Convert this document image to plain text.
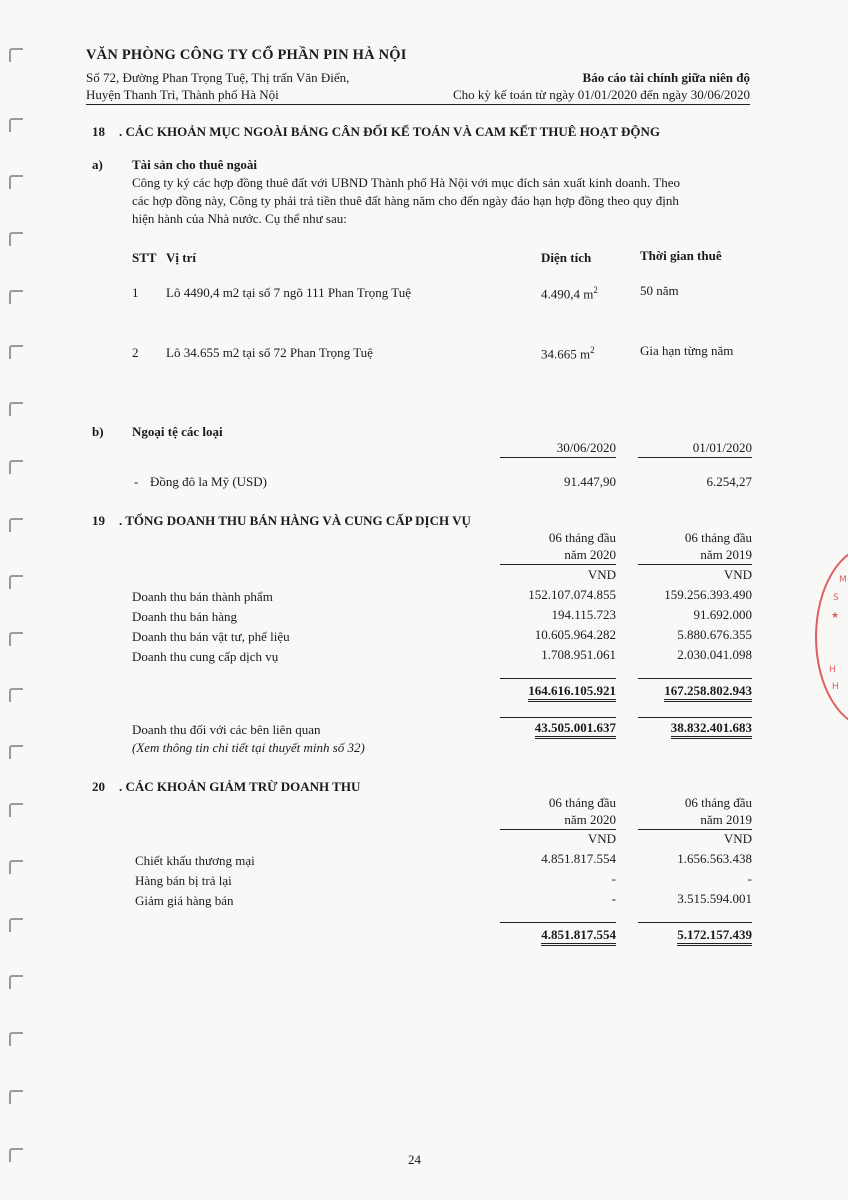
M
S
★
H
H
VĂN PHÒNG CÔNG TY CỔ PHẦN PIN HÀ NỘI
Số 72, Đường Phan Trọng Tuệ, Thị trấn Văn Điển,
Huyện Thanh Trì, Thành phố Hà Nội
Báo cáo tài chính giữa niên độ
Cho kỳ kế toán từ ngày 01/01/2020 đến ngày 30/06/2020
18 . CÁC KHOẢN MỤC NGOÀI BẢNG CÂN ĐỐI KẾ TOÁN VÀ CAM KẾT THUÊ HOẠT ĐỘNG
a) Tài sản cho thuê ngoài
Công ty ký các hợp đồng thuê đất với UBND Thành phố Hà Nội với mục đích sản xuất kinh doanh. Theo
các hợp đồng này, Công ty phải trả tiền thuê đất hàng năm cho đến ngày đáo hạn hợp đồng theo quy định
hiện hành của Nhà nước. Cụ thể như sau:
STT Vị trí	Diện tích	Thời gian thuê
1 Lô 4490,4 m2 tại số 7 ngõ 111 Phan Trọng Tuệ	4.490,4 $m^2$	50 năm
2 Lô 34.655 m2 tại số 72 Phan Trọng Tuệ	34.665 $m^2$	Gia hạn từng năm
b) Ngoại tệ các loại
30/06/2020	01/01/2020
- Đồng đô la Mỹ (USD)	91.447,90	6.254,27
19 . TỔNG DOANH THU BÁN HÀNG VÀ CUNG CẤP DỊCH VỤ
06 tháng đầu
năm 2020
06 tháng đầu
năm 2019
VND	VND
Doanh thu bán thành phẩm	152.107.074.855	159.256.393.490
Doanh thu bán hàng	194.115.723	91.692.000
Doanh thu bán vật tư, phế liệu	10.605.964.282	5.880.676.355
Doanh thu cung cấp dịch vụ	1.708.951.061	2.030.041.098
164.616.105.921	167.258.802.943
Doanh thu đối với các bên liên quan	43.505.001.637	38.832.401.683
(Xem thông tin chi tiết tại thuyết minh số 32)
20 . CÁC KHOẢN GIẢM TRỪ DOANH THU
06 tháng đầu
năm 2020
06 tháng đầu
năm 2019
VND	VND
Chiết khấu thương mại	4.851.817.554	1.656.563.438
Hàng bán bị trả lại	-	-
Giảm giá hàng bán	-	3.515.594.001
4.851.817.554	5.172.157.439
24
